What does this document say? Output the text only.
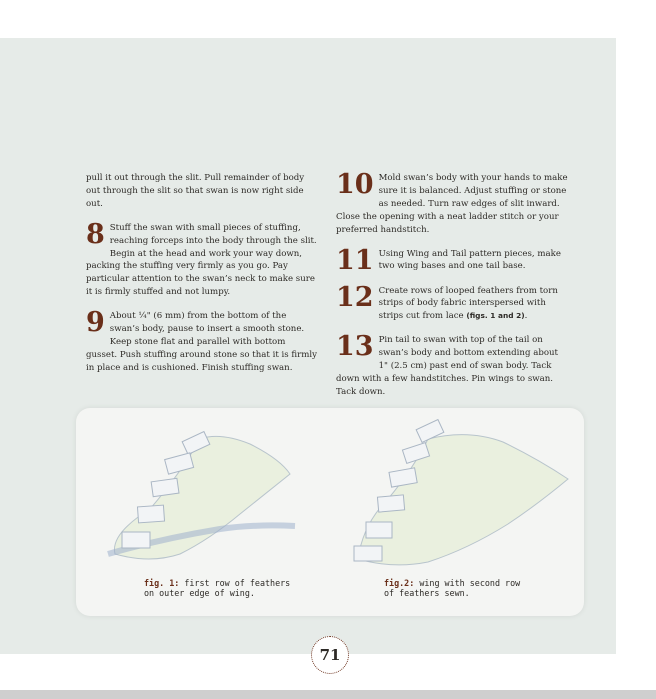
pull it out through the slit. Pull remainder of body out through the slit so that swan is now right side out.

8 Stuff the swan with small pieces of stuffing, reaching forceps into the body through the slit. Begin at the head and work your way down, packing the stuffing very firmly as you go. Pay particular attention to the swan’s neck to make sure it is firmly stuffed and not lumpy.
9 About ¼" (6 mm) from the bottom of the swan’s body, pause to insert a smooth stone. Keep stone flat and parallel with bottom gusset. Push stuffing around stone so that it is firmly in place and is cushioned. Finish stuffing swan.
10 Mold swan’s body with your hands to make sure it is balanced. Adjust stuffing or stone as needed. Turn raw edges of slit inward. Close the opening with a neat ladder stitch or your preferred handstitch.
11 Using Wing and Tail pattern pieces, make two wing bases and one tail base.
12 Create rows of looped feathers from torn strips of body fabric interspersed with strips cut from lace (figs. 1 and 2).
13 Pin tail to swan with top of the tail on swan’s body and bottom extending about 1" (2.5 cm) past end of swan body. Tack down with a few handstitches. Pin wings to swan. Tack down.
fig. 1: first row of feathers
on outer edge of wing.
fig.2: wing with second row
of feathers sewn.
71
